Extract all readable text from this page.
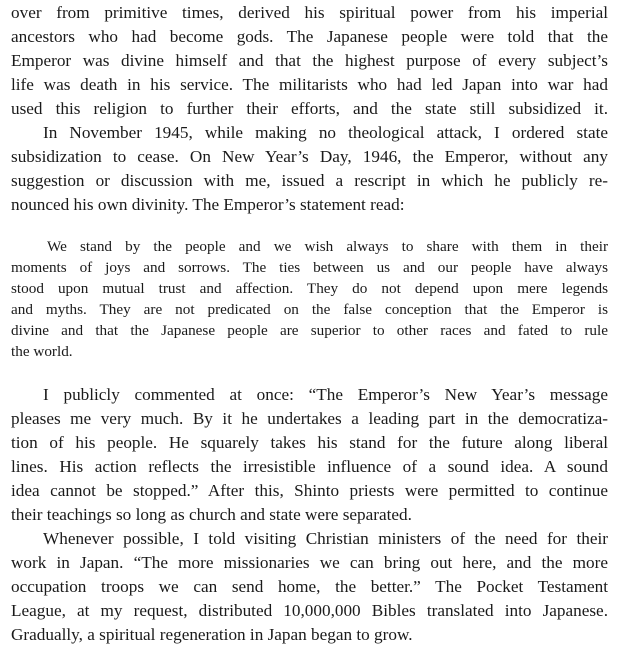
over from primitive times, derived his spiritual power from his imperial

ancestors who had become gods. The Japanese people were told that the

Emperor was divine himself and that the highest purpose of every subject’s

life was death in his service. The militarists who had led Japan into war had

used this religion to further their efforts, and the state still subsidized it.

In November 1945, while making no theological attack, I ordered state

subsidization to cease. On New Year’s Day, 1946, the Emperor, without any

suggestion or discussion with me, issued a rescript in which he publicly re-

nounced his own divinity. The Emperor’s statement read:

We stand by the people and we wish always to share with them in their

moments of joys and sorrows. The ties between us and our people have always

stood upon mutual trust and affection. They do not depend upon mere legends

and myths. They are not predicated on the false conception that the Emperor is

divine and that the Japanese people are superior to other races and fated to rule

the world.

I publicly commented at once: “The Emperor’s New Year’s message

pleases me very much. By it he undertakes a leading part in the democratiza-

tion of his people. He squarely takes his stand for the future along liberal

lines. His action reflects the irresistible influence of a sound idea. A sound

idea cannot be stopped.” After this, Shinto priests were permitted to continue

their teachings so long as church and state were separated.

Whenever possible, I told visiting Christian ministers of the need for their

work in Japan. “The more missionaries we can bring out here, and the more

occupation troops we can send home, the better.” The Pocket Testament

League, at my request, distributed 10,000,000 Bibles translated into Japanese.

Gradually, a spiritual regeneration in Japan began to grow.
